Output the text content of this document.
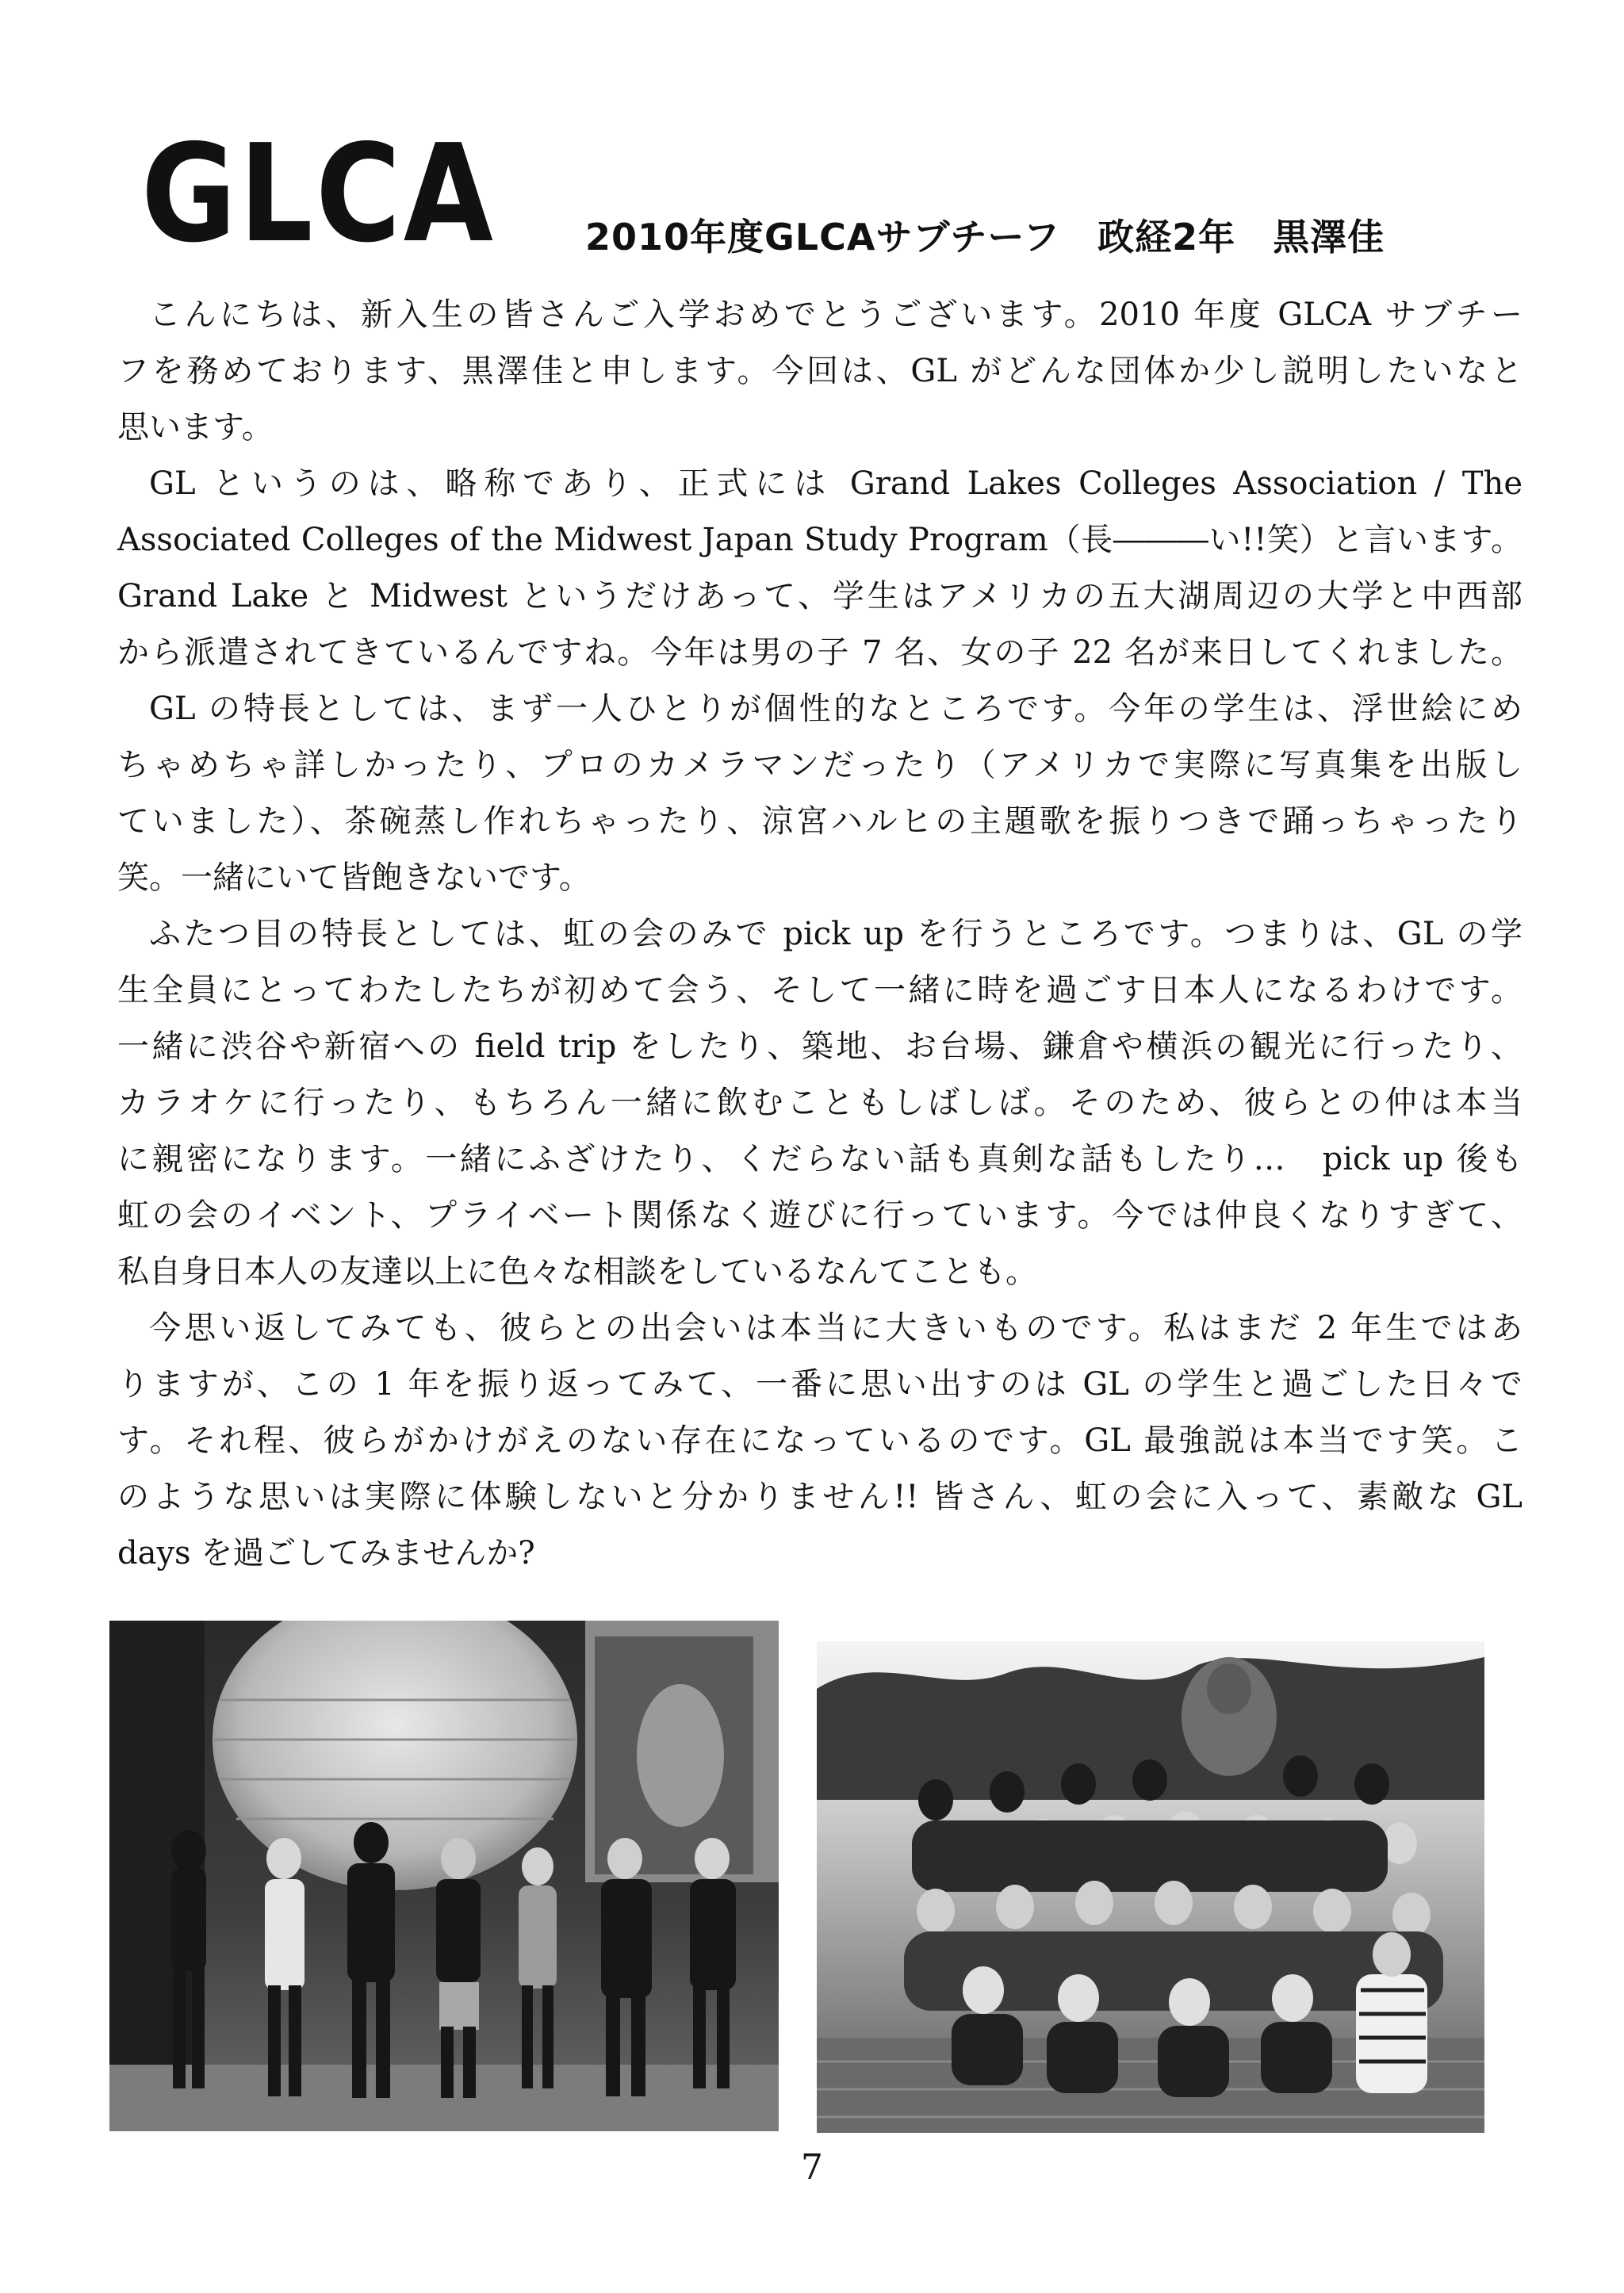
GLCA 2010年度GLCAサブチーフ　政経2年　黒澤佳
こんにちは、新入生の皆さんご入学おめでとうございます。2010 年度 GLCA サブチー
フを務めております、黒澤佳と申します。今回は、GL がどんな団体か少し説明したいなと
思います。
GL というのは、略称であり、正式には Grand Lakes Colleges Association / The
Associated Colleges of the Midwest Japan Study Program（長―――い!!笑）と言います。
Grand Lake と Midwest というだけあって、学生はアメリカの五大湖周辺の大学と中西部
から派遣されてきているんですね。今年は男の子 7 名、女の子 22 名が来日してくれました。
GL の特長としては、まず一人ひとりが個性的なところです。今年の学生は、浮世絵にめ
ちゃめちゃ詳しかったり、プロのカメラマンだったり（アメリカで実際に写真集を出版し
ていました）、茶碗蒸し作れちゃったり、涼宮ハルヒの主題歌を振りつきで踊っちゃったり
笑。一緒にいて皆飽きないです。
ふたつ目の特長としては、虹の会のみで pick up を行うところです。つまりは、GL の学
生全員にとってわたしたちが初めて会う、そして一緒に時を過ごす日本人になるわけです。
一緒に渋谷や新宿への field trip をしたり、築地、お台場、鎌倉や横浜の観光に行ったり、
カラオケに行ったり、もちろん一緒に飲むこともしばしば。そのため、彼らとの仲は本当
に親密になります。一緒にふざけたり、くだらない話も真剣な話もしたり…　pick up 後も
虹の会のイベント、プライベート関係なく遊びに行っています。今では仲良くなりすぎて、
私自身日本人の友達以上に色々な相談をしているなんてことも。
今思い返してみても、彼らとの出会いは本当に大きいものです。私はまだ 2 年生ではあ
りますが、この 1 年を振り返ってみて、一番に思い出すのは GL の学生と過ごした日々で
す。それ程、彼らがかけがえのない存在になっているのです。GL 最強説は本当です笑。こ
のような思いは実際に体験しないと分かりません!! 皆さん、虹の会に入って、素敵な GL
days を過ごしてみませんか?
7
